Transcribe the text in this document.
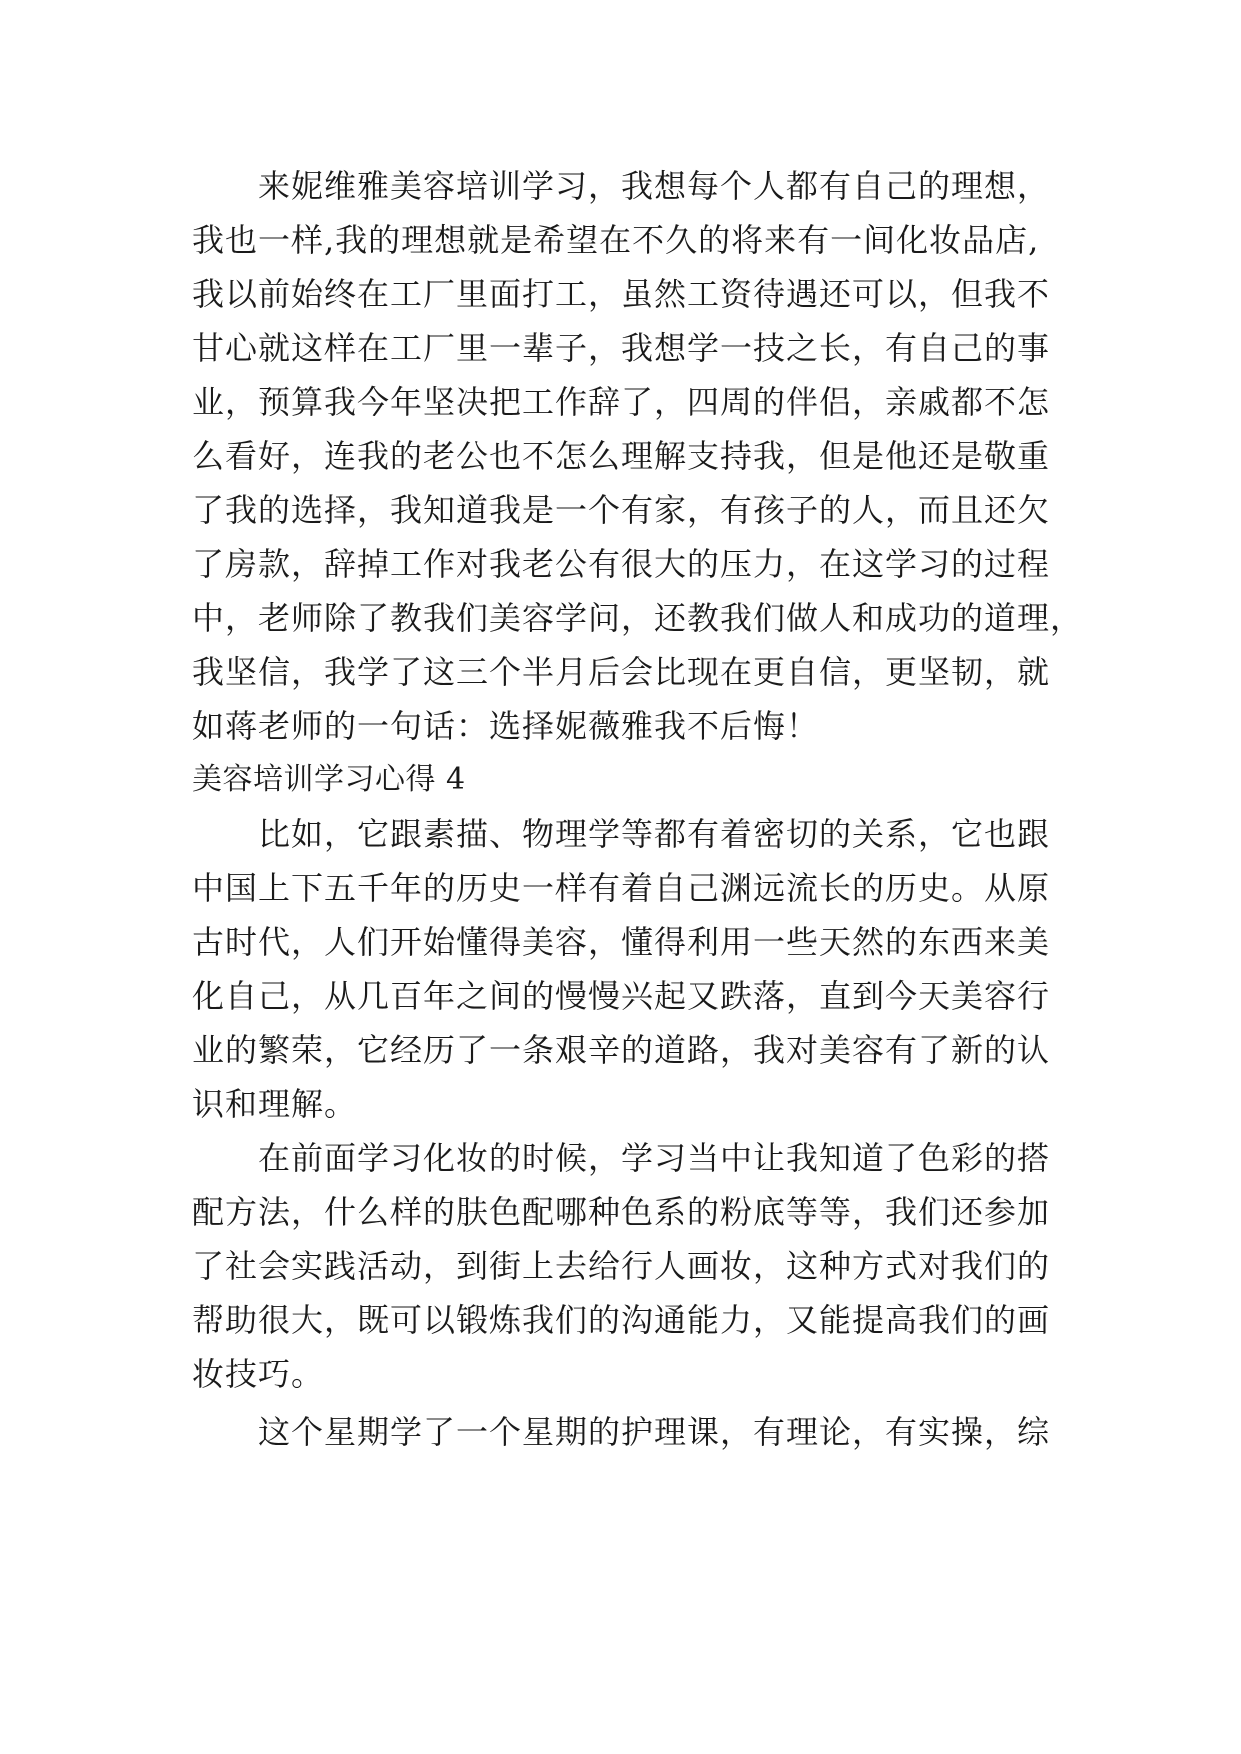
来妮维雅美容培训学习，我想每个人都有自己的理想，
我也一样,我的理想就是希望在不久的将来有一间化妆品店,
我以前始终在工厂里面打工，虽然工资待遇还可以，但我不
甘心就这样在工厂里一辈子，我想学一技之长，有自己的事
业，预算我今年坚决把工作辞了，四周的伴侣，亲戚都不怎
么看好，连我的老公也不怎么理解支持我，但是他还是敬重
了我的选择，我知道我是一个有家，有孩子的人，而且还欠
了房款，辞掉工作对我老公有很大的压力，在这学习的过程
中，老师除了教我们美容学问，还教我们做人和成功的道理，
我坚信，我学了这三个半月后会比现在更自信，更坚韧，就
如蒋老师的一句话：选择妮薇雅我不后悔！
美容培训学习心得 4
比如，它跟素描、物理学等都有着密切的关系，它也跟
中国上下五千年的历史一样有着自己渊远流长的历史。从原
古时代，人们开始懂得美容，懂得利用一些天然的东西来美
化自己，从几百年之间的慢慢兴起又跌落，直到今天美容行
业的繁荣，它经历了一条艰辛的道路，我对美容有了新的认
识和理解。
在前面学习化妆的时候，学习当中让我知道了色彩的搭
配方法，什么样的肤色配哪种色系的粉底等等，我们还参加
了社会实践活动，到街上去给行人画妆，这种方式对我们的
帮助很大，既可以锻炼我们的沟通能力，又能提高我们的画
妆技巧。
这个星期学了一个星期的护理课，有理论，有实操，综
